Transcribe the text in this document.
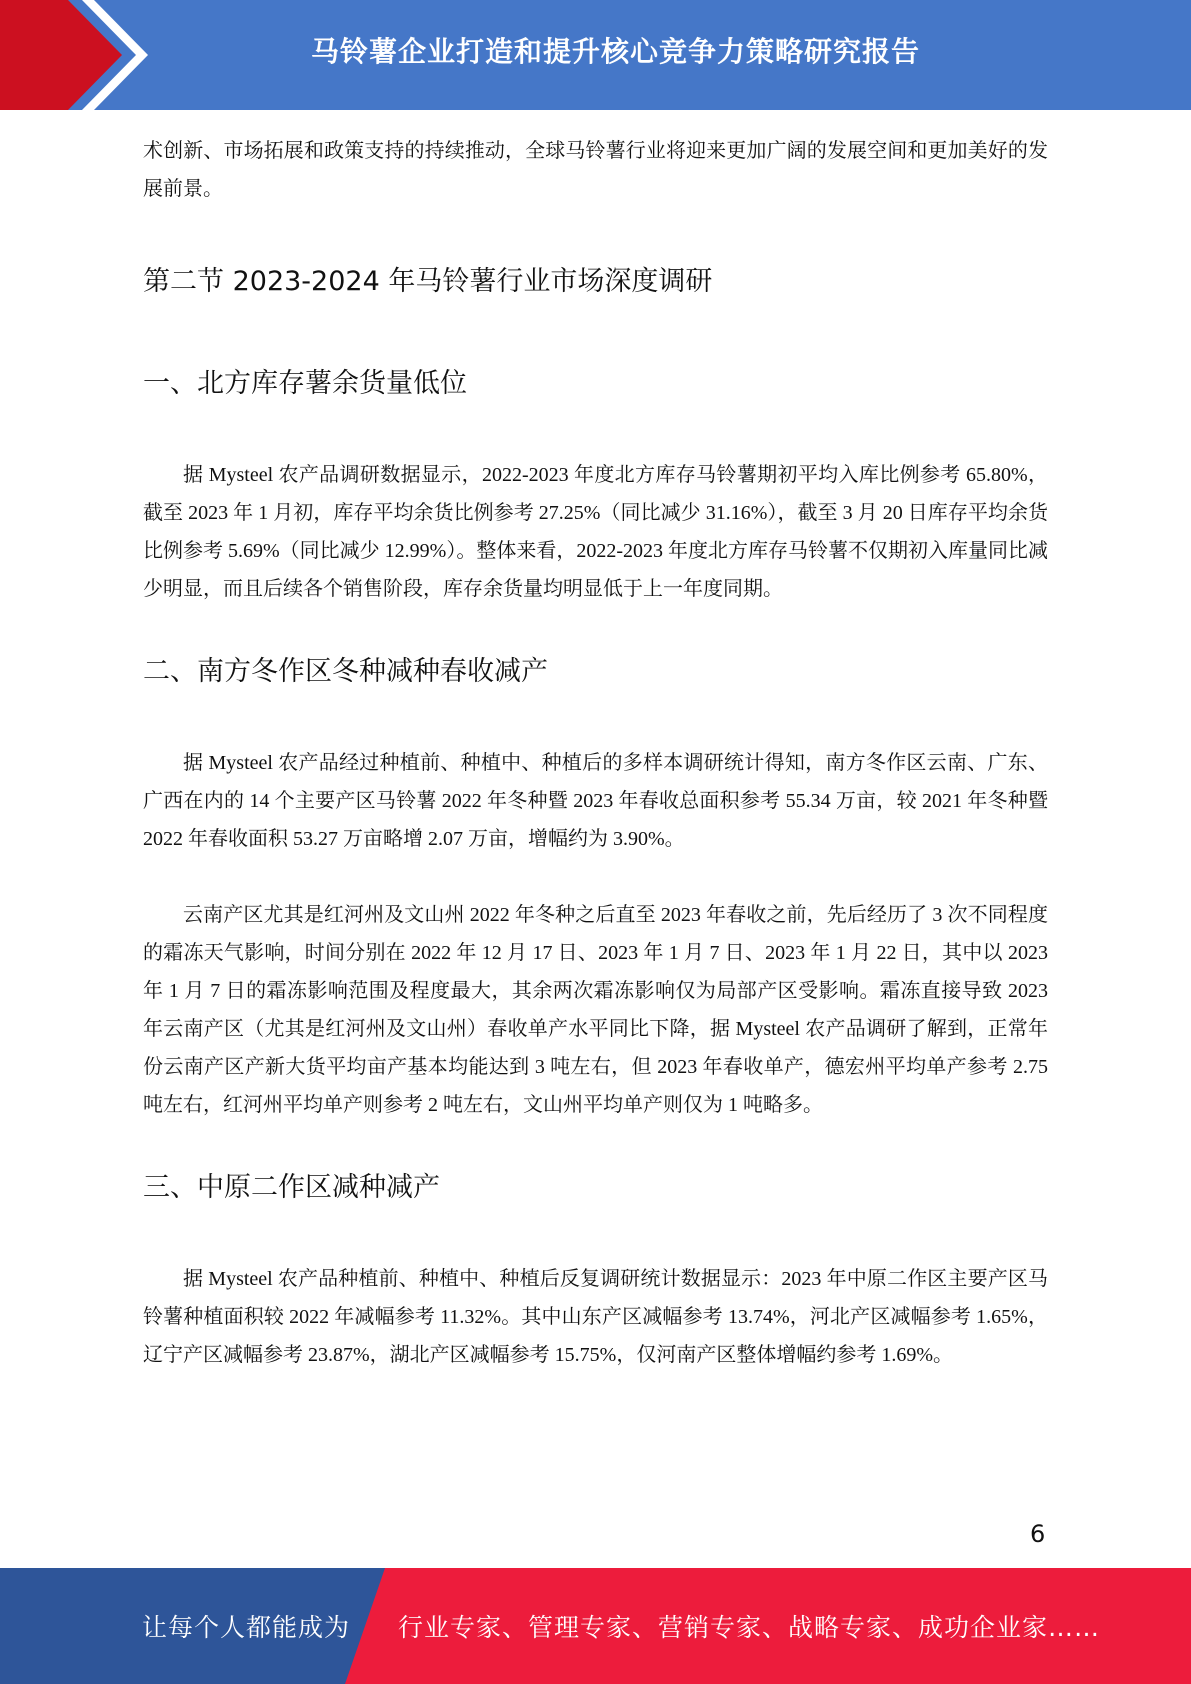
马铃薯企业打造和提升核心竞争力策略研究报告

术创新、市场拓展和政策支持的持续推动，全球马铃薯行业将迎来更加广阔的发展空间和更加美好的发展前景。

第二节 2023-2024 年马铃薯行业市场深度调研
一、北方库存薯余货量低位

据 Mysteel 农产品调研数据显示，2022-2023 年度北方库存马铃薯期初平均入库比例参考 65.80%，截至 2023 年 1 月初，库存平均余货比例参考 27.25%（同比减少 31.16%），截至 3 月 20 日库存平均余货比例参考 5.69%（同比减少 12.99%）。整体来看，2022-2023 年度北方库存马铃薯不仅期初入库量同比减少明显，而且后续各个销售阶段，库存余货量均明显低于上一年度同期。

二、南方冬作区冬种减种春收减产

据 Mysteel 农产品经过种植前、种植中、种植后的多样本调研统计得知，南方冬作区云南、广东、广西在内的 14 个主要产区马铃薯 2022 年冬种暨 2023 年春收总面积参考 55.34 万亩，较 2021 年冬种暨 2022 年春收面积 53.27 万亩略增 2.07 万亩，增幅约为 3.90%。

云南产区尤其是红河州及文山州 2022 年冬种之后直至 2023 年春收之前，先后经历了 3 次不同程度的霜冻天气影响，时间分别在 2022 年 12 月 17 日、2023 年 1 月 7 日、2023 年 1 月 22 日，其中以 2023 年 1 月 7 日的霜冻影响范围及程度最大，其余两次霜冻影响仅为局部产区受影响。霜冻直接导致 2023 年云南产区（尤其是红河州及文山州）春收单产水平同比下降，据 Mysteel 农产品调研了解到，正常年份云南产区产新大货平均亩产基本均能达到 3 吨左右，但 2023 年春收单产，德宏州平均单产参考 2.75 吨左右，红河州平均单产则参考 2 吨左右，文山州平均单产则仅为 1 吨略多。

三、中原二作区减种减产

据 Mysteel 农产品种植前、种植中、种植后反复调研统计数据显示：2023 年中原二作区主要产区马铃薯种植面积较 2022 年减幅参考 11.32%。其中山东产区减幅参考 13.74%，河北产区减幅参考 1.65%，辽宁产区减幅参考 23.87%，湖北产区减幅参考 15.75%，仅河南产区整体增幅约参考 1.69%。

6
让每个人都能成为 行业专家、管理专家、营销专家、战略专家、成功企业家……
